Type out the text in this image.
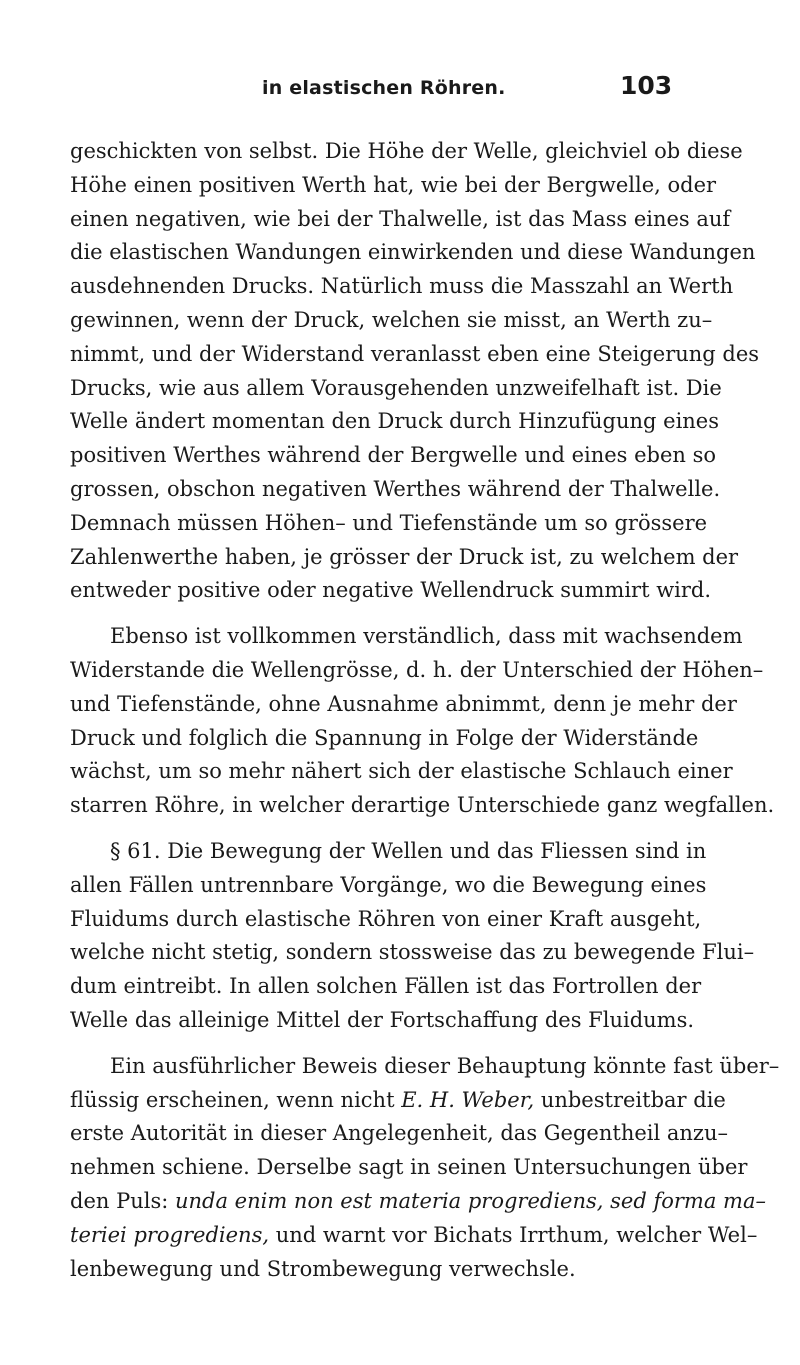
in elastischen Röhren.	103
geschickten von selbst. Die Höhe der Welle, gleichviel ob diese
Höhe einen positiven Werth hat, wie bei der Bergwelle, oder
einen negativen, wie bei der Thalwelle, ist das Mass eines auf
die elastischen Wandungen einwirkenden und diese Wandungen
ausdehnenden Drucks. Natürlich muss die Masszahl an Werth
gewinnen, wenn der Druck, welchen sie misst, an Werth zu–
nimmt, und der Widerstand veranlasst eben eine Steigerung des
Drucks, wie aus allem Vorausgehenden unzweifelhaft ist. Die
Welle ändert momentan den Druck durch Hinzufügung eines
positiven Werthes während der Bergwelle und eines eben so
grossen, obschon negativen Werthes während der Thalwelle.
Demnach müssen Höhen– und Tiefenstände um so grössere
Zahlenwerthe haben, je grösser der Druck ist, zu welchem der
entweder positive oder negative Wellendruck summirt wird.
Ebenso ist vollkommen verständlich, dass mit wachsendem
Widerstande die Wellengrösse, d. h. der Unterschied der Höhen–
und Tiefenstände, ohne Ausnahme abnimmt, denn je mehr der
Druck und folglich die Spannung in Folge der Widerstände
wächst, um so mehr nähert sich der elastische Schlauch einer
starren Röhre, in welcher derartige Unterschiede ganz wegfallen.
§ 61. Die Bewegung der Wellen und das Fliessen sind in
allen Fällen untrennbare Vorgänge, wo die Bewegung eines
Fluidums durch elastische Röhren von einer Kraft ausgeht,
welche nicht stetig, sondern stossweise das zu bewegende Flui–
dum eintreibt. In allen solchen Fällen ist das Fortrollen der
Welle das alleinige Mittel der Fortschaffung des Fluidums.
Ein ausführlicher Beweis dieser Behauptung könnte fast über–
flüssig erscheinen, wenn nicht E. H. Weber, unbestreitbar die
erste Autorität in dieser Angelegenheit, das Gegentheil anzu–
nehmen schiene. Derselbe sagt in seinen Untersuchungen über
den Puls: unda enim non est materia progrediens, sed forma ma–
teriei progrediens, und warnt vor Bichats Irrthum, welcher Wel–
lenbewegung und Strombewegung verwechsle.
